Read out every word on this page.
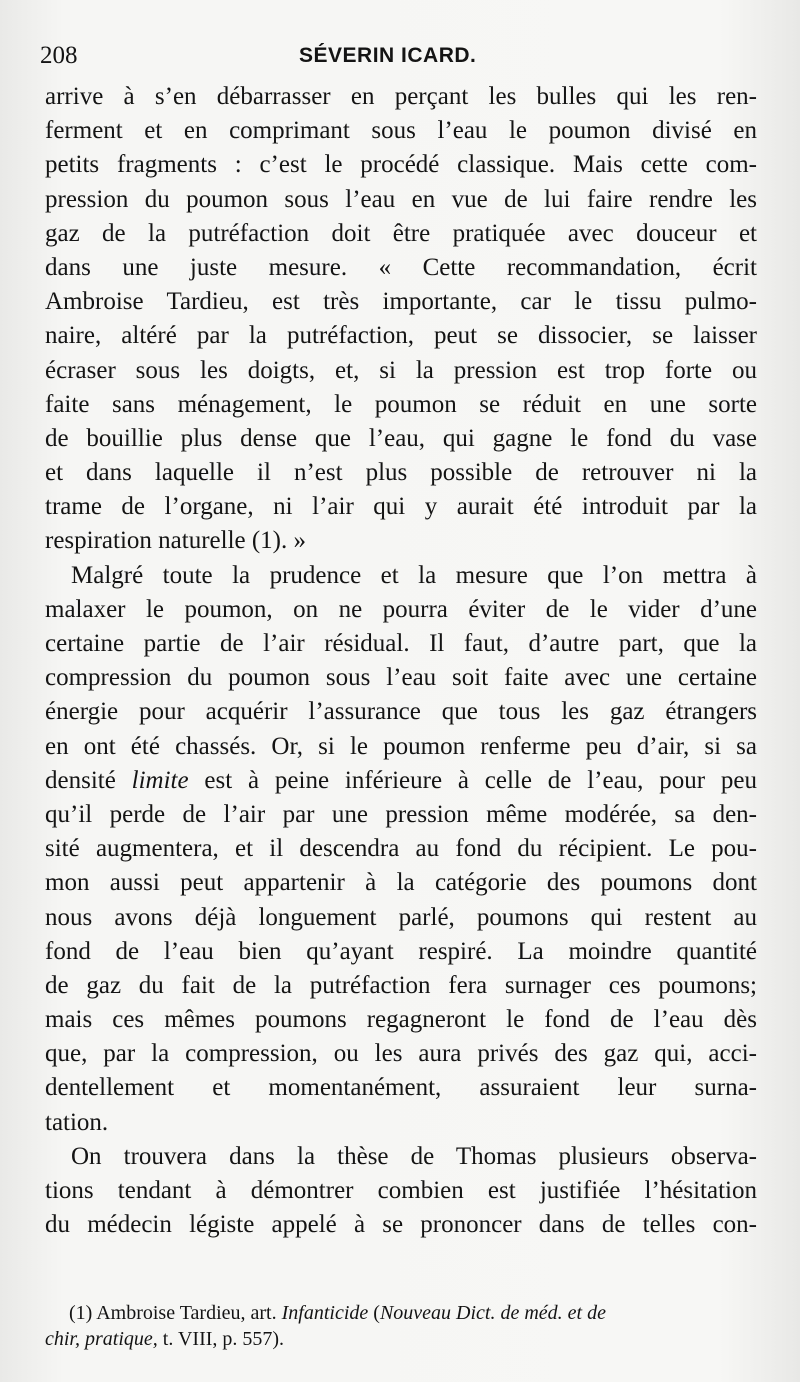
208	SÉVERIN ICARD.
arrive à s’en débarrasser en perçant les bulles qui les ren-
ferment et en comprimant sous l’eau le poumon divisé en
petits fragments : c’est le procédé classique. Mais cette com-
pression du poumon sous l’eau en vue de lui faire rendre les
gaz de la putréfaction doit être pratiquée avec douceur et
dans une juste mesure. « Cette recommandation, écrit
Ambroise Tardieu, est très importante, car le tissu pulmo-
naire, altéré par la putréfaction, peut se dissocier, se laisser
écraser sous les doigts, et, si la pression est trop forte ou
faite sans ménagement, le poumon se réduit en une sorte
de bouillie plus dense que l’eau, qui gagne le fond du vase
et dans laquelle il n’est plus possible de retrouver ni la
trame de l’organe, ni l’air qui y aurait été introduit par la
respiration naturelle (1). »
Malgré toute la prudence et la mesure que l’on mettra à
malaxer le poumon, on ne pourra éviter de le vider d’une
certaine partie de l’air résidual. Il faut, d’autre part, que la
compression du poumon sous l’eau soit faite avec une certaine
énergie pour acquérir l’assurance que tous les gaz étrangers
en ont été chassés. Or, si le poumon renferme peu d’air, si sa
densité limite est à peine inférieure à celle de l’eau, pour peu
qu’il perde de l’air par une pression même modérée, sa den-
sité augmentera, et il descendra au fond du récipient. Le pou-
mon aussi peut appartenir à la catégorie des poumons dont
nous avons déjà longuement parlé, poumons qui restent au
fond de l’eau bien qu’ayant respiré. La moindre quantité
de gaz du fait de la putréfaction fera surnager ces poumons;
mais ces mêmes poumons regagneront le fond de l’eau dès
que, par la compression, ou les aura privés des gaz qui, acci-
dentellement et momentanément, assuraient leur surna-
tation.
On trouvera dans la thèse de Thomas plusieurs observa-
tions tendant à démontrer combien est justifiée l’hésitation
du médecin légiste appelé à se prononcer dans de telles con-
(1) Ambroise Tardieu, art. Infanticide (Nouveau Dict. de méd. et de
chir, pratique, t. VIII, p. 557).
